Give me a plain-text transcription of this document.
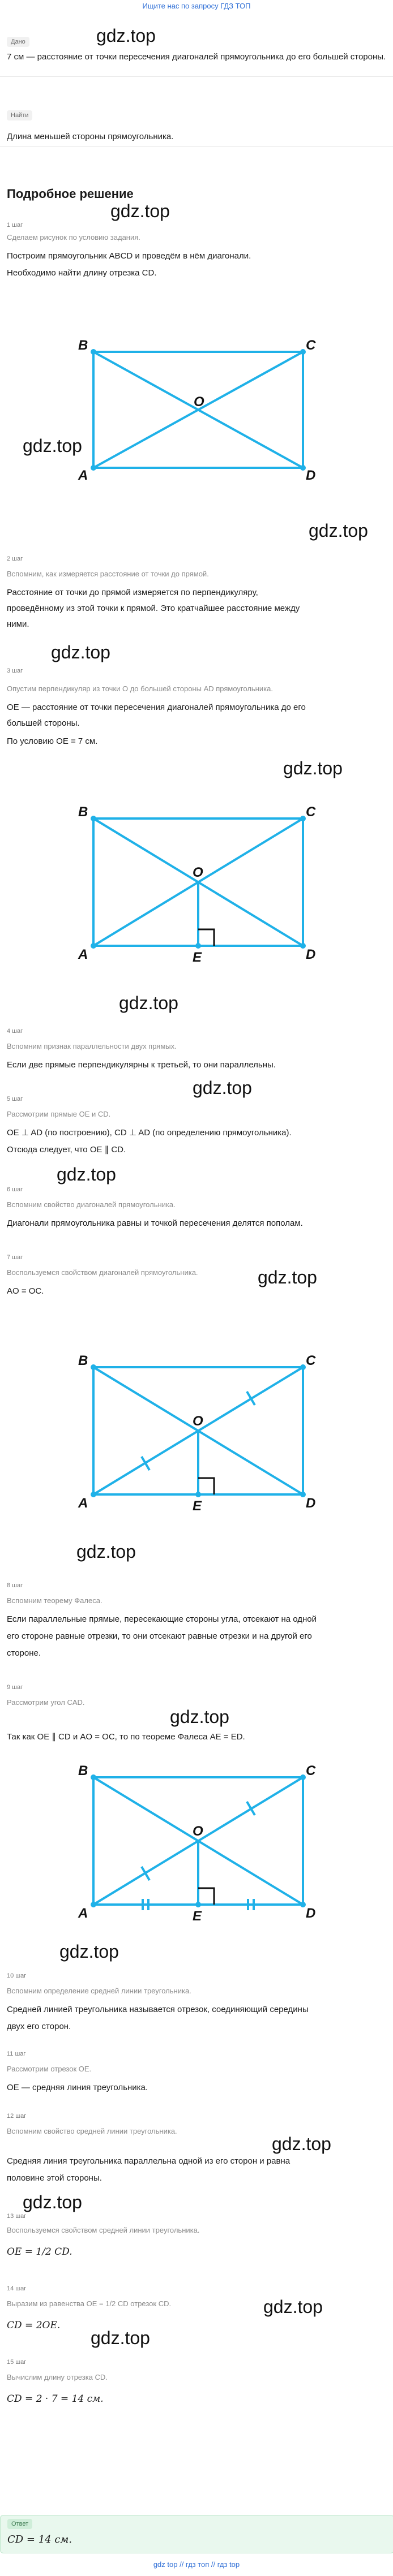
Ищите нас по запросу ГДЗ ТОП
gdz.top
Дано
7 см — расстояние от точки пересечения диагоналей прямоугольника до его большей стороны.
Найти
Длина меньшей стороны прямоугольника.
Подробное решение
gdz.top
1 шаг
Сделаем рисунок по условию задания.
Построим прямоугольник ABCD и проведём в нём диагонали.
Необходимо найти длину отрезка CD.
B	C
A	D
O
gdz.top
gdz.top
2 шаг
Вспомним, как измеряется расстояние от точки до прямой.
Расстояние от точки до прямой измеряется по перпендикуляру,
проведённому из этой точки к прямой. Это кратчайшее расстояние между
ними.
gdz.top
3 шаг
Опустим перпендикуляр из точки O до большей стороны AD прямоугольника.
OE — расстояние от точки пересечения диагоналей прямоугольника до его
большей стороны.
По условию OE = 7 см.
gdz.top
B	C
A	D
O
E
gdz.top
4 шаг
Вспомним признак параллельности двух прямых.
Если две прямые перпендикулярны к третьей, то они параллельны.
gdz.top
5 шаг
Рассмотрим прямые OE и CD.
OE ⊥ AD (по построению), CD ⊥ AD (по определению прямоугольника).
Отсюда следует, что OE ∥ CD.
gdz.top
6 шаг
Вспомним свойство диагоналей прямоугольника.
Диагонали прямоугольника равны и точкой пересечения делятся пополам.
7 шаг
Воспользуемся свойством диагоналей прямоугольника.
AO = OC.
gdz.top
B	C
A	D
O
E
gdz.top
8 шаг
Вспомним теорему Фалеса.
Если параллельные прямые, пересекающие стороны угла, отсекают на одной
его стороне равные отрезки, то они отсекают равные отрезки и на другой его
стороне.
9 шаг
Рассмотрим угол CAD.
gdz.top
Так как OE ∥ CD и AO = OC, то по теореме Фалеса AE = ED.
B	C
A	D
O
E
gdz.top
10 шаг
Вспомним определение средней линии треугольника.
Средней линией треугольника называется отрезок, соединяющий середины
двух его сторон.
11 шаг
Рассмотрим отрезок OE.
OE — средняя линия треугольника.
12 шаг
Вспомним свойство средней линии треугольника.
gdz.top
Средняя линия треугольника параллельна одной из его сторон и равна
половине этой стороны.
gdz.top
13 шаг
Воспользуемся свойством средней линии треугольника.
OE = 1/2 CD.
14 шаг
Выразим из равенства OE = 1/2 CD отрезок CD.	gdz.top
CD = 2OE.
gdz.top
15 шаг
Вычислим длину отрезка CD.
CD = 2 · 7 = 14 см.
Ответ
CD = 14 см.
gdz top // гдз топ // гдз top
